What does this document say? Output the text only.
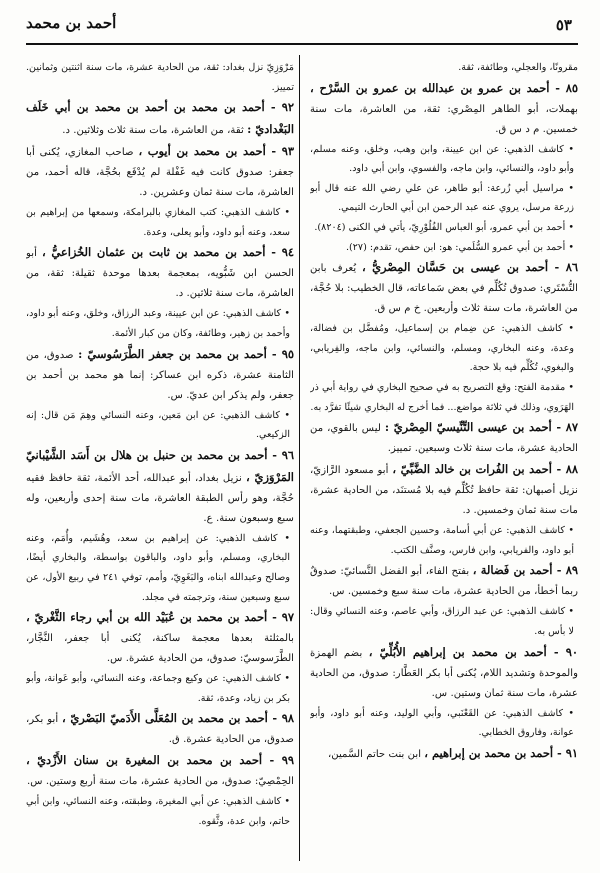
أحمد بن محمد	٥٣

مقرونًا، والعجلي، وطائفة، ثقة.

٨٥ - أحمد بن عمرو بن عبدالله بن عمرو بن السَّرْح ، بهملات، أبو الطاهر المِصْري: ثقة، من العاشرة، مات سنة خمسين. م د س ق.

• كاشف الذهبي: عن ابن عيينة، وابن وهب، وخلق، وعنه مسلم، وأبو داود، والنسائي، وابن ماجه، والفسوي، وابن أبي داود.

• مراسيل أبي زُرعة: أبو طاهر، عن علي رضي الله عنه قال أبو زرعة مرسل، يروي عنه عبد الرحمن ابن أبي الحارث التيمي.

• أحمد بن أبي عمرو، أبو العباس الفُلُوْرِيّ، يأتي في الكنى (٨٢٠٤).

• أحمد بن أبي عمرو السُّلَمي: هو: ابن حفص، تقدم: (٢٧).

٨٦ - أحمد بن عيسى بن حَسَّان المِصْريُّ ، يُعرف بابن التُّسْتَري: صدوق تُكُلِّم في بعض سَماعاته، قال الخطيب: بلا حُجَّة، من العاشرة، مات سنة ثلاث وأربعين. خ م س ق.

• كاشف الذهبي: عن ضِمام بن إسماعيل، ومُفضَّل بن فضالة، وعدة، وعنه البخاري، ومسلم، والنسائي، وابن ماجه، والفِريابي، والبغوي، تُكُلِّم فيه بلا حجة.

• مقدمة الفتح: وقع التصريح به في صحيح البخاري في رواية أبي ذر الهَرَوي، وذلك في ثلاثة مواضع... فما أخرج له البخاري شيئًا تفرَّد به.

٨٧ - أحمد بن عيسى التِّنِّيسيّ المِصْريّ : ليس بالقوي، من الحادية عشرة، مات سنة ثلاث وسبعين. تمييز.

٨٨ - أحمد بن الفُرات بن خالد الضَّبِّيّ ، أبو مسعود الرَّازيّ، نزيل أصبهان: ثقة حافظ تُكُلِّم فيه بلا مُستنَد، من الحادية عشرة، مات سنة ثمان وخمسين. د.

• كاشف الذهبي: عن أبي أسامة، وحسين الجعفي، وطبقتهما، وعنه أبو داود، والفريابي، وابن فارس، وصنَّف الكتب.

٨٩ - أحمد بن فَضالة ، بفتح الفاء، أبو الفضل النَّسائيّ: صدوقٌ ربما أخطأ، من الحادية عشرة، مات سنة سبع وخمسين. س.

• كاشف الذهبي: عن عبد الرزاق، وأبي عاصم، وعنه النسائي وقال: لا بأس به.

٩٠ - أحمد بن محمد بن إبراهيم الأُبُلِّيّ ، بضم الهمزة والموحدة وتشديد اللام، يُكنى أبا بكر العَطَّار: صدوق، من الحادية عشرة، مات سنة ثمان وستين. س.

• كاشف الذهبي: عن القَعْنَبي، وأبي الوليد، وعنه أبو داود، وأبو عوانة، وفاروق الخطابي.

٩١ - أحمد بن محمد بن إبراهيم ، ابن بنت حاتم السَّمين،

مَرْوَزِيّ نزل بغداد: ثقة، من الحادية عشرة، مات سنة اثنتين وثمانين. تمييز.

٩٢ - أحمد بن محمد بن أحمد بن محمد بن أبي خَلَف البَغْداديّ : ثقة، من العاشرة، مات سنة ثلاث وثلاثين. د.

٩٣ - أحمد بن محمد بن أيوب ، صاحب المغازي، يُكنى أبا جعفر: صدوق كانت فيه غَفْلة لم يُدْفَع بحُجَّة، قاله أحمد، من العاشرة، مات سنة ثمان وعشرين. د.

• كاشف الذهبي: كتب المغازي بالبرامكة، وسمعها من إبراهيم بن سعد، وعنه أبو داود، وأبو يعلى، وعدة.

٩٤ - أحمد بن محمد بن ثابت بن عثمان الخُزاعيُّ ، أبو الحسن ابن شَبُّويه، بمعجمة بعدها موحدة ثقيلة: ثقة، من العاشرة، مات سنة ثلاثين. د.

• كاشف الذهبي: عن ابن عيينة، وعبد الرزاق، وخلق، وعنه أبو داود، وأحمد بن زهير، وطائفة، وكان من كبار الأئمة.

٩٥ - أحمد بن محمد بن جعفر الطَّرَسُوسيّ : صدوق، من الثامنة عشرة، ذكره ابن عساكر: إنما هو محمد بن أحمد بن جعفر، ولم يذكر ابن عديّ. س.

• كاشف الذهبي: عن ابن مَعين، وعنه النسائي وهِمَ مَن قال: إنه الزكيعي.

٩٦ - أحمد بن محمد بن حنبل بن هلال بن أَسَد الشَّيْبانيّ المَرْوَزيّ ، نزيل بغداد، أبو عبدالله، أحد الأئمة، ثقة حافظ فقيه حُجَّة، وهو رأس الطبقة العاشرة، مات سنة إحدى وأربعين، وله سبع وسبعون سنة. ع.

• كاشف الذهبي: عن إبراهيم بن سعد، وهُشَيم، وأُمَم، وعنه البخاري، ومسلم، وأبو داود، والباقون بواسطة، والبخاري أيضًا، وصالح وعبدالله ابناه، والبَغَوِيّ، وأمم، توفي ٢٤١ في ربيع الأول، عن سبع وسبعين سنة، وترجمته في مجلد.

٩٧ - أحمد بن محمد بن عُبَيْد الله بن أبي رجاء الثَّغْريّ ، بالمثلثة بعدها معجمة ساكنة، يُكنى أبا جعفر، النَّجَّار، الطَّرَسوسيّ: صدوق، من الحادية عشرة. س.

• كاشف الذهبي: عن وكيع وجماعة، وعنه النسائي، وأبو عَوانة، وأبو بكر بن زياد، وعدة، ثقة.

٩٨ - أحمد بن محمد بن المُعَلَّى الأَدَميّ البَصْريّ ، أبو بكر، صدوق، من الحادية عشرة. ق.

٩٩ - أحمد بن محمد بن المغيرة بن سنان الأَزْديّ ، الحِمْصِيّ: صدوق، من الحادية عشرة، مات سنة أربع وستين. س.

• كاشف الذهبي: عن أبي المغيرة، وطبقته، وعنه النسائي، وابن أبي حاتم، وابن عدة، وثَّقوه.
